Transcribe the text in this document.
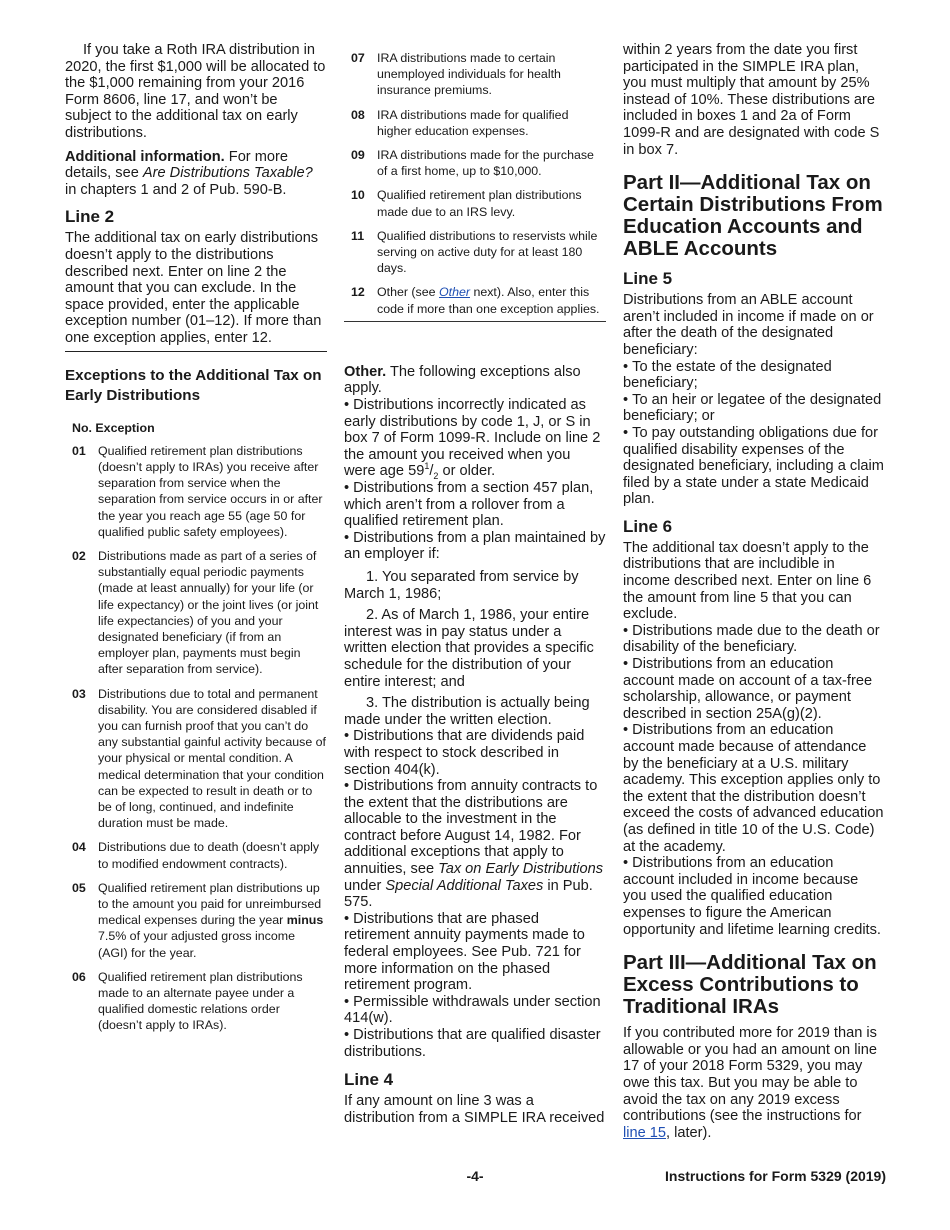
If you take a Roth IRA distribution in 2020, the first $1,000 will be allocated to the $1,000 remaining from your 2016 Form 8606, line 17, and won’t be subject to the additional tax on early distributions.

Additional information. For more details, see Are Distributions Taxable? in chapters 1 and 2 of Pub. 590-B.

Line 2

The additional tax on early distributions doesn’t apply to the distributions described next. Enter on line 2 the amount that you can exclude. In the space provided, enter the applicable exception number (01–12). If more than one exception applies, enter 12.

Exceptions to the Additional Tax on Early Distributions
No. Exception
01 Qualified retirement plan distributions (doesn’t apply to IRAs) you receive after separation from service when the separation from service occurs in or after the year you reach age 55 (age 50 for qualified public safety employees).
02 Distributions made as part of a series of substantially equal periodic payments (made at least annually) for your life (or life expectancy) or the joint lives (or joint life expectancies) of you and your designated beneficiary (if from an employer plan, payments must begin after separation from service).
03 Distributions due to total and permanent disability. You are considered disabled if you can furnish proof that you can’t do any substantial gainful activity because of your physical or mental condition. A medical determination that your condition can be expected to result in death or to be of long, continued, and indefinite duration must be made.
04 Distributions due to death (doesn’t apply to modified endowment contracts).
05 Qualified retirement plan distributions up to the amount you paid for unreimbursed medical expenses during the year minus 7.5% of your adjusted gross income (AGI) for the year.
06 Qualified retirement plan distributions made to an alternate payee under a qualified domestic relations order (doesn’t apply to IRAs).
07 IRA distributions made to certain unemployed individuals for health insurance premiums.
08 IRA distributions made for qualified higher education expenses.
09 IRA distributions made for the purchase of a first home, up to $10,000.
10 Qualified retirement plan distributions made due to an IRS levy.
11	Qualified distributions to reservists while serving on active duty for at least 180 days.
12 Other (see Other next). Also, enter this code if more than one exception applies.

Other. The following exceptions also apply.

• Distributions incorrectly indicated as early distributions by code 1, J, or S in box 7 of Form 1099-R. Include on line 2 the amount you received when you were age $59^1/_2$ or older.

• Distributions from a section 457 plan, which aren’t from a rollover from a qualified retirement plan.

• Distributions from a plan maintained by an employer if:

1. You separated from service by March 1, 1986;

2. As of March 1, 1986, your entire interest was in pay status under a written election that provides a specific schedule for the distribution of your entire interest; and

3. The distribution is actually being made under the written election.

• Distributions that are dividends paid with respect to stock described in section 404(k).

• Distributions from annuity contracts to the extent that the distributions are allocable to the investment in the contract before August 14, 1982. For additional exceptions that apply to annuities, see Tax on Early Distributions under Special Additional Taxes in Pub. 575.

• Distributions that are phased retirement annuity payments made to federal employees. See Pub. 721 for more information on the phased retirement program.

• Permissible withdrawals under section 414(w).

• Distributions that are qualified disaster distributions.

Line 4

If any amount on line 3 was a distribution from a SIMPLE IRA received

within 2 years from the date you first participated in the SIMPLE IRA plan, you must multiply that amount by 25% instead of 10%. These distributions are included in boxes 1 and 2a of Form 1099-R and are designated with code S in box 7.

Part II—Additional Tax on Certain Distributions From Education Accounts and ABLE Accounts
Line 5

Distributions from an ABLE account aren’t included in income if made on or after the death of the designated beneficiary:

• To the estate of the designated beneficiary;

• To an heir or legatee of the designated beneficiary; or

• To pay outstanding obligations due for qualified disability expenses of the designated beneficiary, including a claim filed by a state under a state Medicaid plan.

Line 6

The additional tax doesn’t apply to the distributions that are includible in income described next. Enter on line 6 the amount from line 5 that you can exclude.

• Distributions made due to the death or disability of the beneficiary.

• Distributions from an education account made on account of a tax-free scholarship, allowance, or payment described in section 25A(g)(2).

• Distributions from an education account made because of attendance by the beneficiary at a U.S. military academy. This exception applies only to the extent that the distribution doesn’t exceed the costs of advanced education (as defined in title 10 of the U.S. Code) at the academy.

• Distributions from an education account included in income because you used the qualified education expenses to figure the American opportunity and lifetime learning credits.

Part III—Additional Tax on Excess Contributions to Traditional IRAs

If you contributed more for 2019 than is allowable or you had an amount on line 17 of your 2018 Form 5329, you may owe this tax. But you may be able to avoid the tax on any 2019 excess contributions (see the instructions for line 15, later).

-4-	Instructions for Form 5329 (2019)
